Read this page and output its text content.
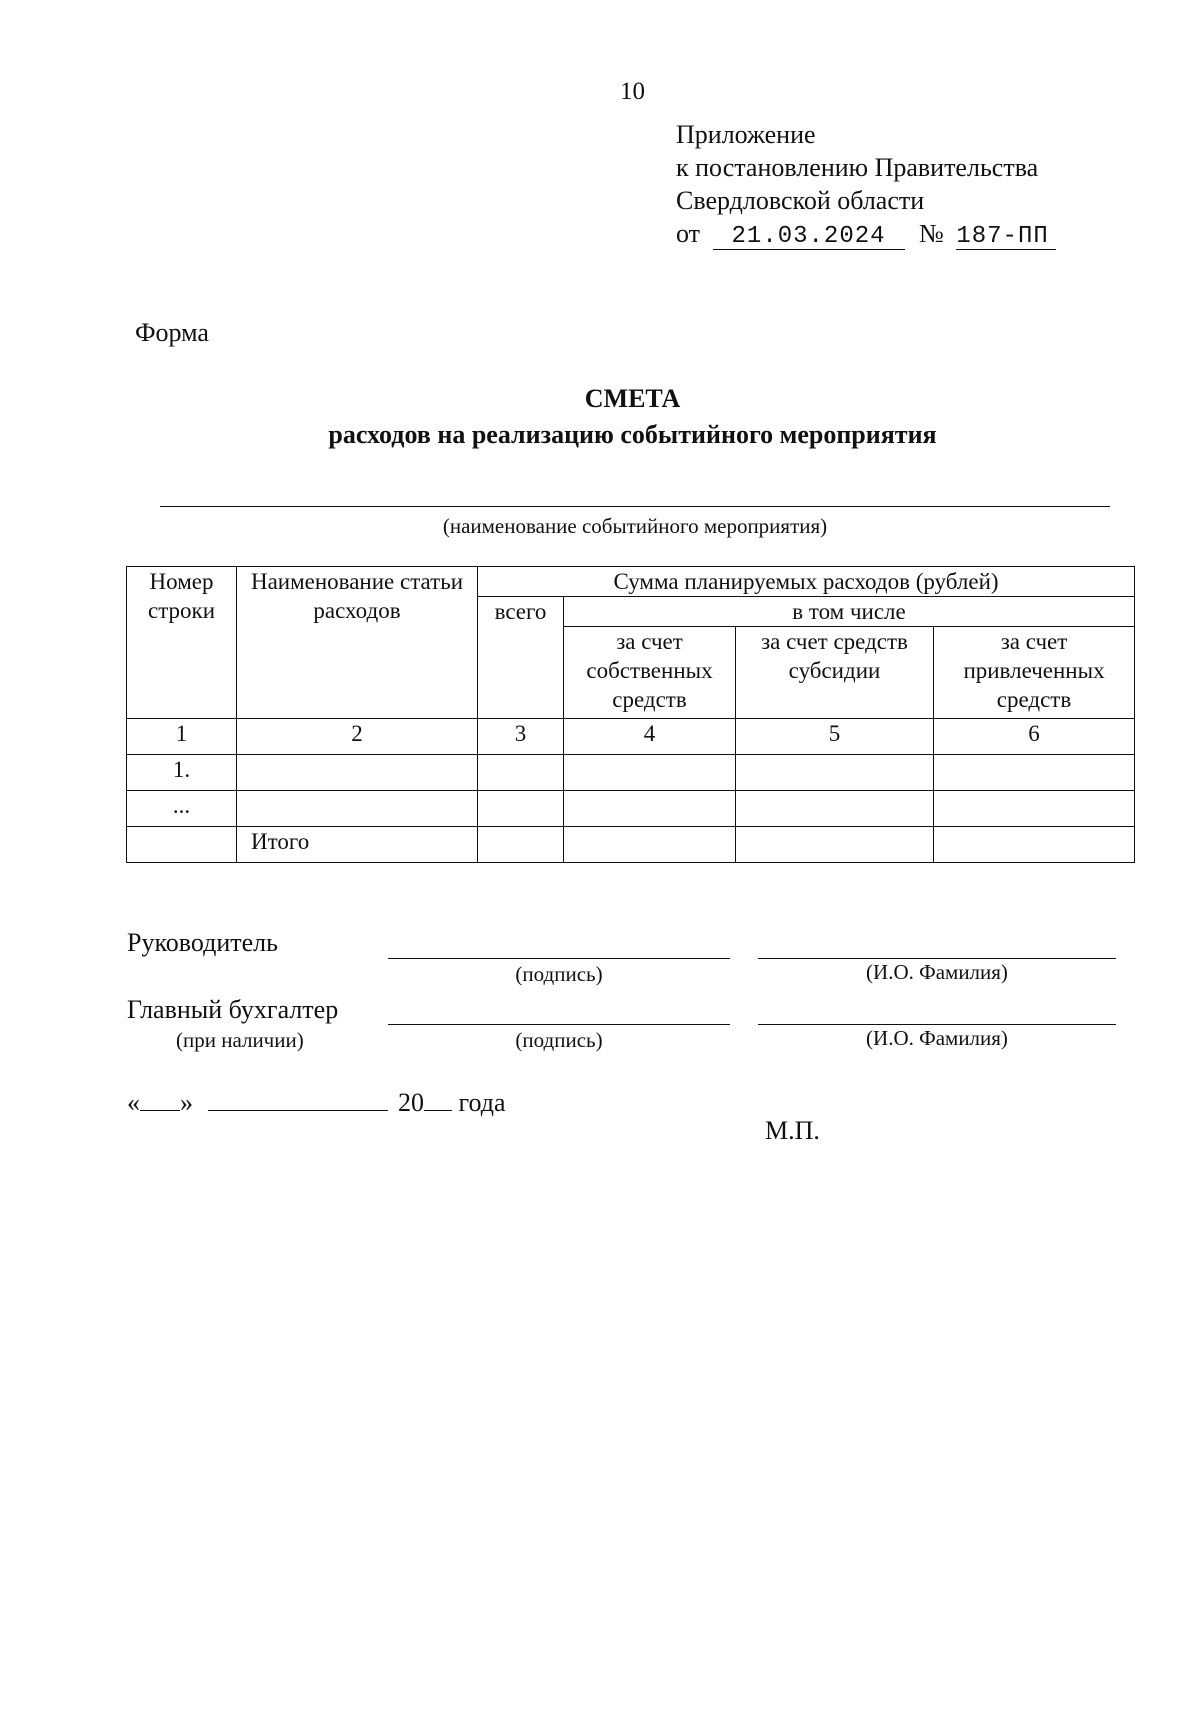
10
Приложение
к постановлению Правительства
Свердловской области
от 21.03.2024 № 187-ПП
Форма
СМЕТА
расходов на реализацию событийного мероприятия
(наименование событийного мероприятия)
Номер строки	Наименование статьи расходов	Сумма планируемых расходов (рублей)			
		всего	в том числе		
			за счет собственных средств	за счет средств субсидии	за счет привлеченных средств
1	2	3	4	5	6
1.					
...					
	Итого				
Руководитель
(подпись)	(И.О. Фамилия)
Главный бухгалтер
(при наличии)	(подпись)	(И.О. Фамилия)
« »	20 года
М.П.
